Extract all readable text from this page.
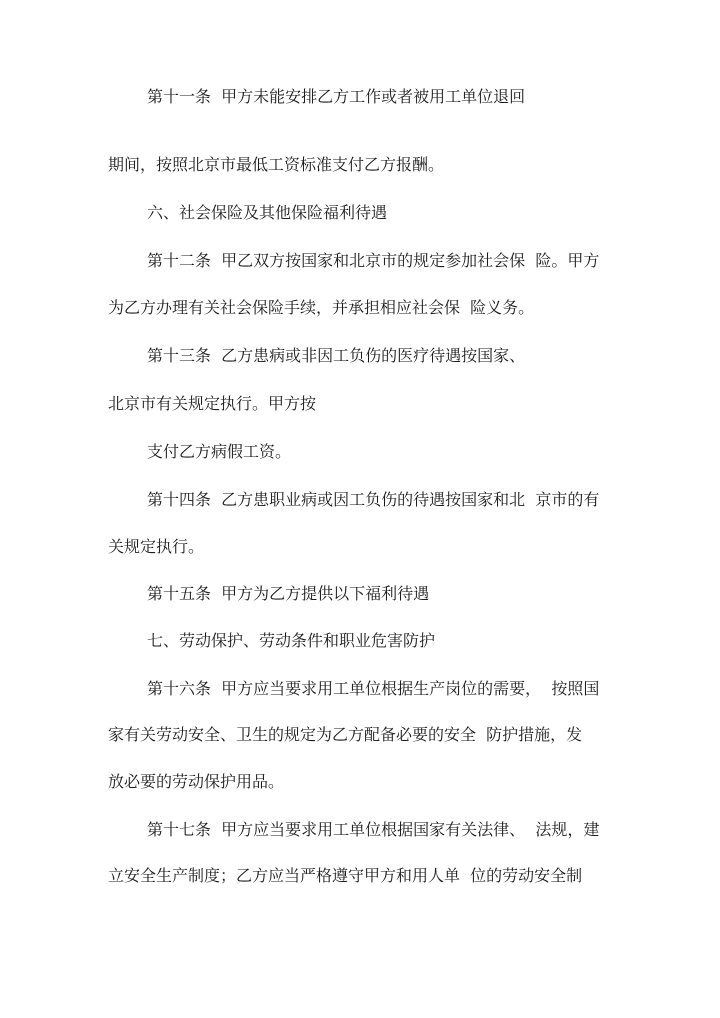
第十一条  甲方未能安排乙方工作或者被用工单位退回
期间，按照北京市最低工资标准支付乙方报酬。
六、社会保险及其他保险福利待遇
第十二条  甲乙双方按国家和北京市的规定参加社会保  险。甲方
为乙方办理有关社会保险手续，并承担相应社会保  险义务。
第十三条  乙方患病或非因工负伤的医疗待遇按国家、
北京市有关规定执行。甲方按
支付乙方病假工资。
第十四条  乙方患职业病或因工负伤的待遇按国家和北  京市的有
关规定执行。
第十五条  甲方为乙方提供以下福利待遇
七、劳动保护、劳动条件和职业危害防护
第十六条  甲方应当要求用工单位根据生产岗位的需要，  按照国
家有关劳动安全、卫生的规定为乙方配备必要的安全  防护措施，发
放必要的劳动保护用品。
第十七条  甲方应当要求用工单位根据国家有关法律、  法规，建
立安全生产制度；乙方应当严格遵守甲方和用人单  位的劳动安全制
